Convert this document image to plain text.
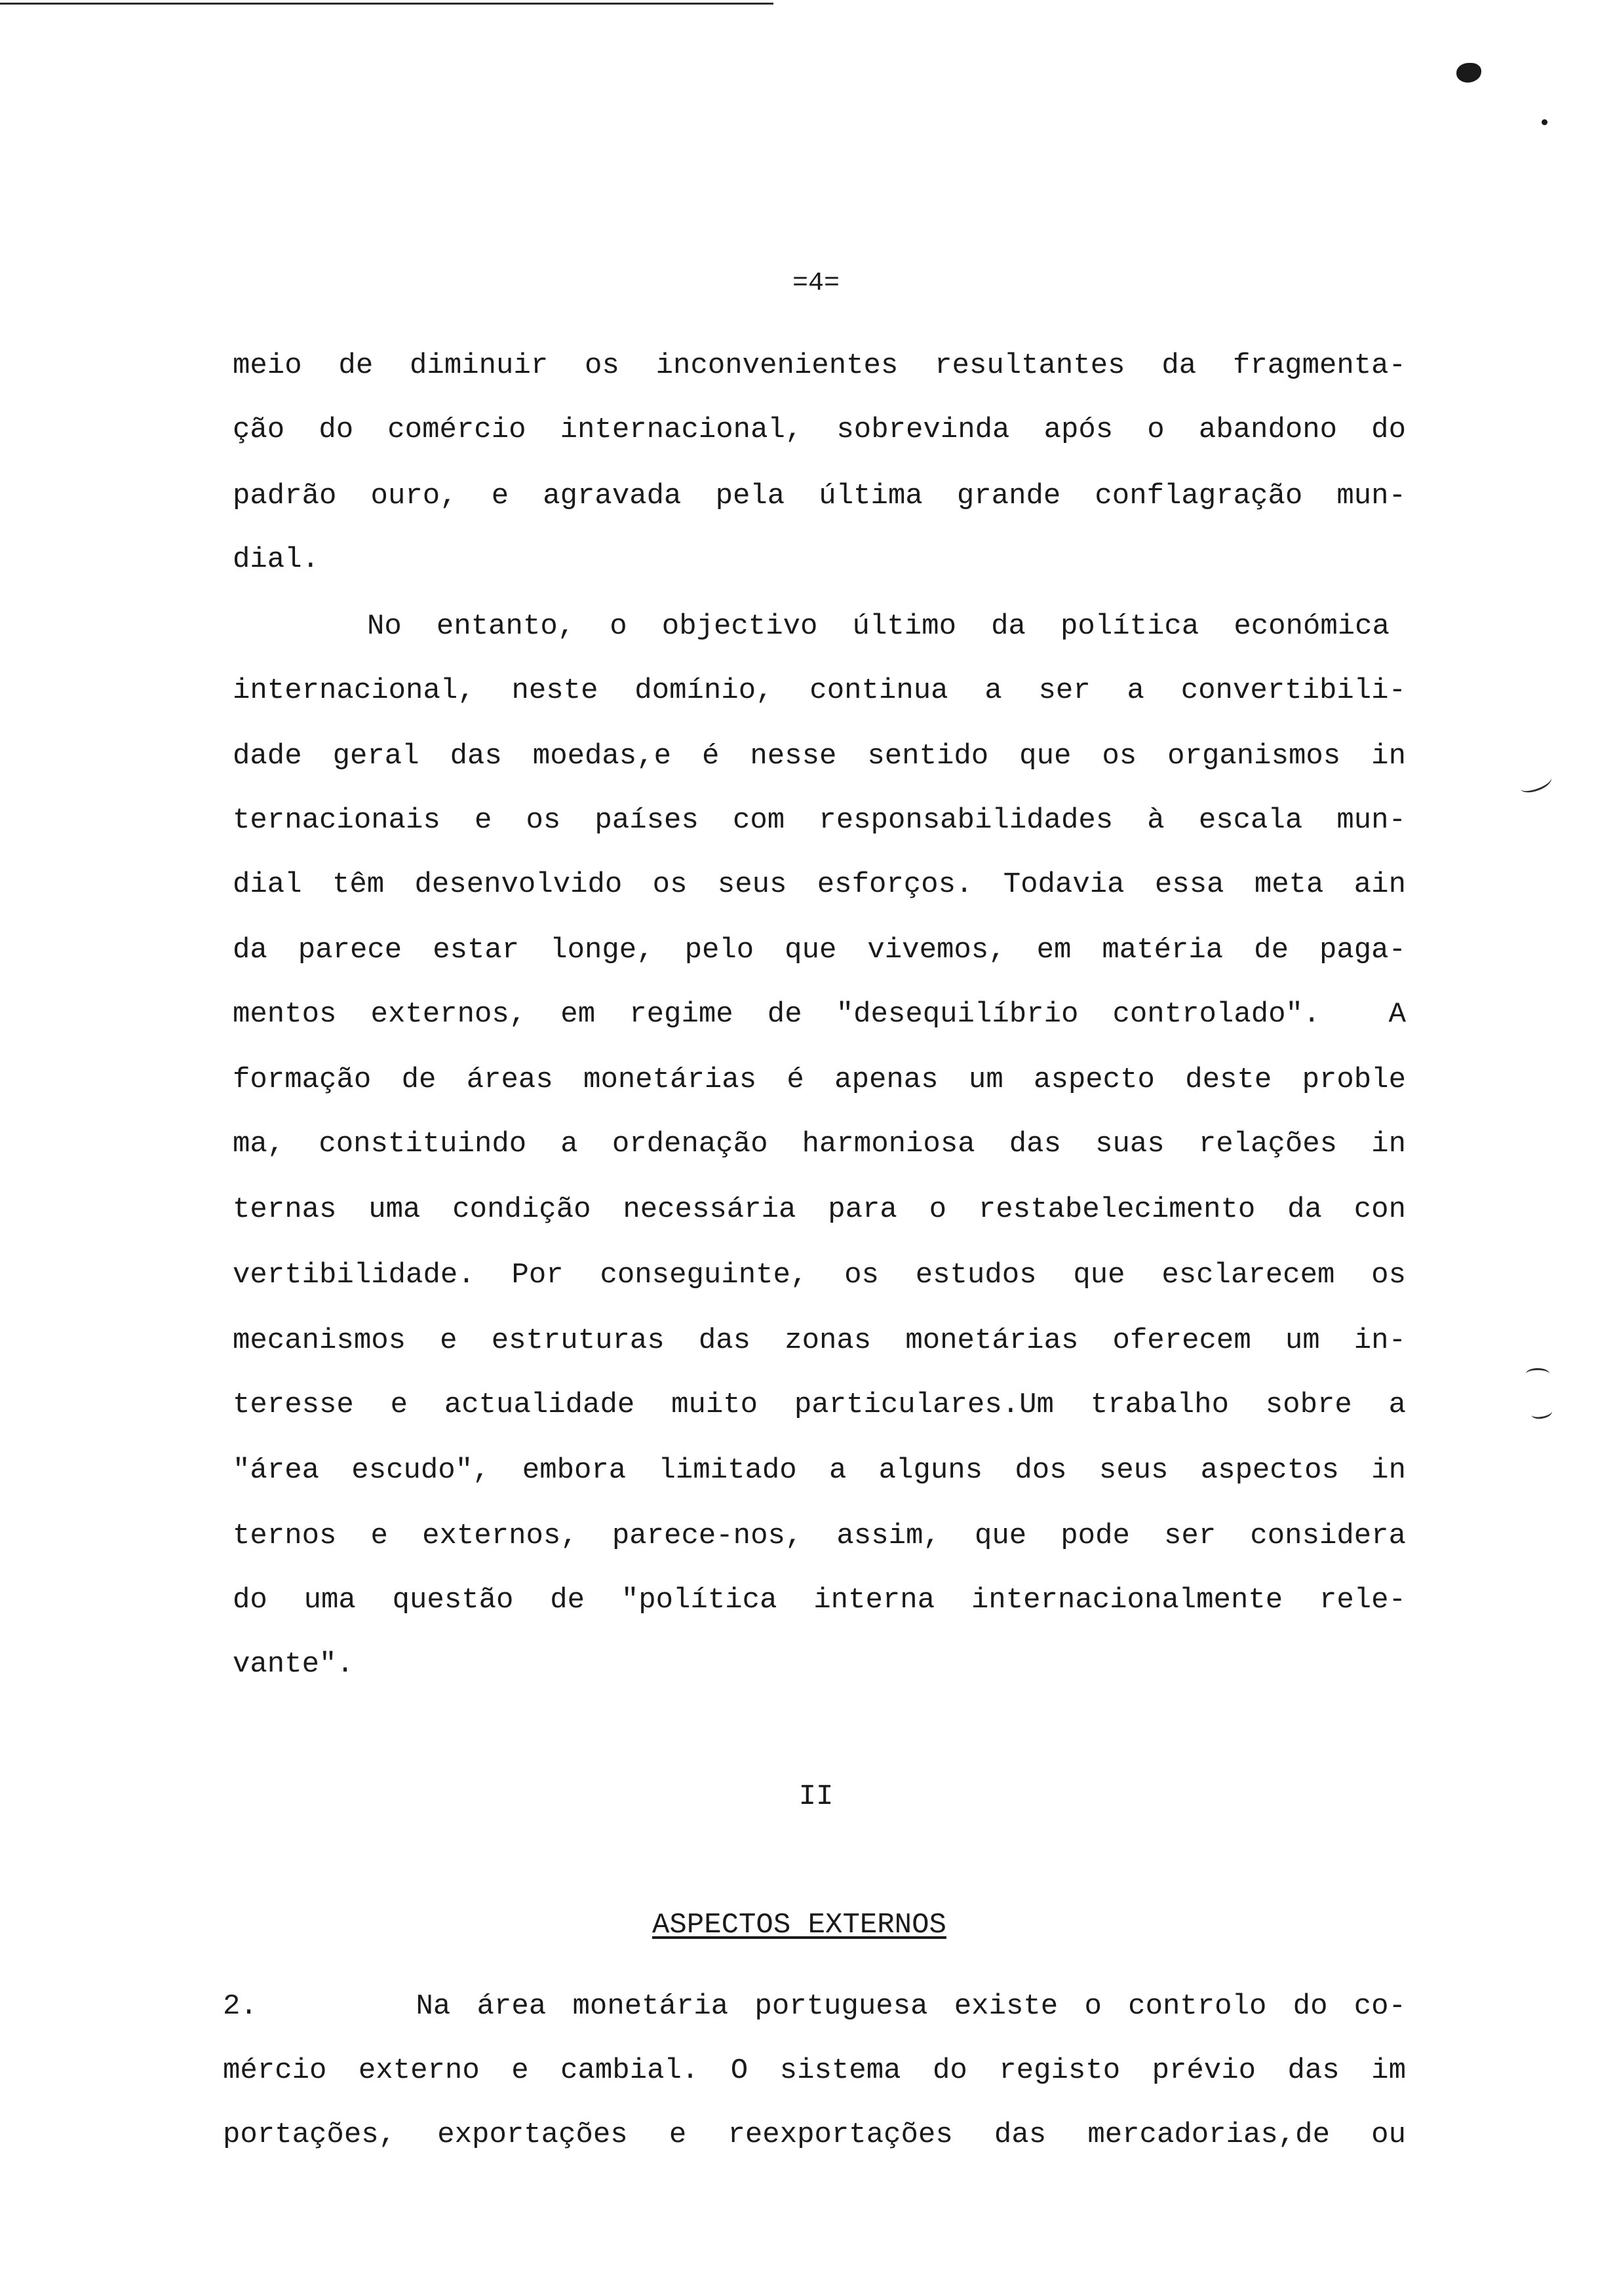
=4=
meio de diminuir os inconvenientes resultantes da fragmenta-
ção do comércio internacional, sobrevinda após o abandono do
padrão ouro, e agravada pela última grande conflagração mun-
dial.
No entanto, o objectivo último da política económica
internacional, neste domínio, continua a ser a convertibili-
dade geral das moedas,e é nesse sentido que os organismos in
ternacionais e os países com responsabilidades à escala mun-
dial têm desenvolvido os seus esforços. Todavia essa meta ain
da parece estar longe, pelo que vivemos, em matéria de paga-
mentos externos, em regime de "desequilíbrio controlado".  A
formação de áreas monetárias é apenas um aspecto deste proble
ma, constituindo a ordenação harmoniosa das suas relações in
ternas uma condição necessária para o restabelecimento da con
vertibilidade. Por conseguinte, os estudos que esclarecem os
mecanismos e estruturas das zonas monetárias oferecem um in-
teresse e actualidade muito particulares.Um trabalho sobre a
"área escudo", embora limitado a alguns dos seus aspectos in
ternos e externos, parece-nos, assim, que pode ser considera
do uma questão de "política interna internacionalmente rele-
vante".
II
ASPECTOS EXTERNOS
2.      Na área monetária portuguesa existe o controlo do co-
mércio externo e cambial. O sistema do registo prévio das im
portações, exportações e reexportações das mercadorias,de ou
